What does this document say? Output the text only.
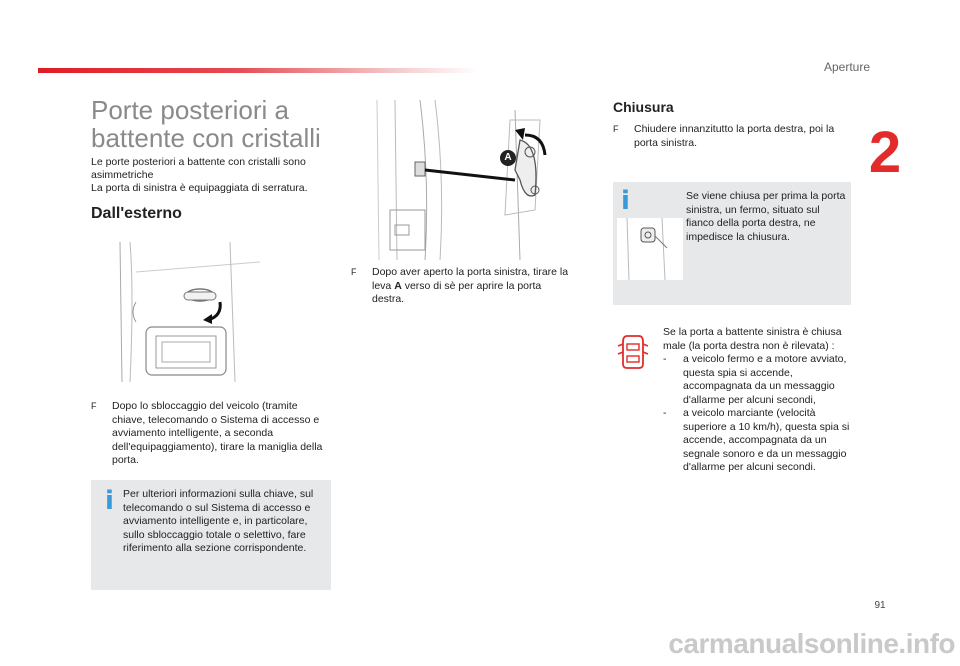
Aperture
2
91
Porte posteriori a battente con cristalli
Le porte posteriori a battente con cristalli sono asimmetriche
La porta di sinistra è equipaggiata di serratura.
Dall'esterno
F	Dopo lo sbloccaggio del veicolo (tramite chiave, telecomando o Sistema di accesso e avviamento intelligente, a seconda dell'equipaggiamento), tirare la maniglia della porta.
i Per ulteriori informazioni sulla chiave, sul telecomando o sul Sistema di accesso e avviamento intelligente e, in particolare, sullo sbloccaggio totale o selettivo, fare riferimento alla sezione corrispondente.
A
F	Dopo aver aperto la porta sinistra, tirare la leva A verso di sè per aprire la porta destra.
Chiusura
F	Chiudere innanzitutto la porta destra, poi la porta sinistra.
i	Se viene chiusa per prima la porta sinistra, un fermo, situato sul fianco della porta destra, ne impedisce la chiusura.
Se la porta a battente sinistra è chiusa male (la porta destra non è rilevata) :
- a veicolo fermo e a motore avviato, questa spia si accende, accompagnata da un messaggio d'allarme per alcuni secondi,
- a veicolo marciante (velocità superiore a 10 km/h), questa spia si accende, accompagnata da un segnale sonoro e da un messaggio d'allarme per alcuni secondi.
carmanualsonline.info
